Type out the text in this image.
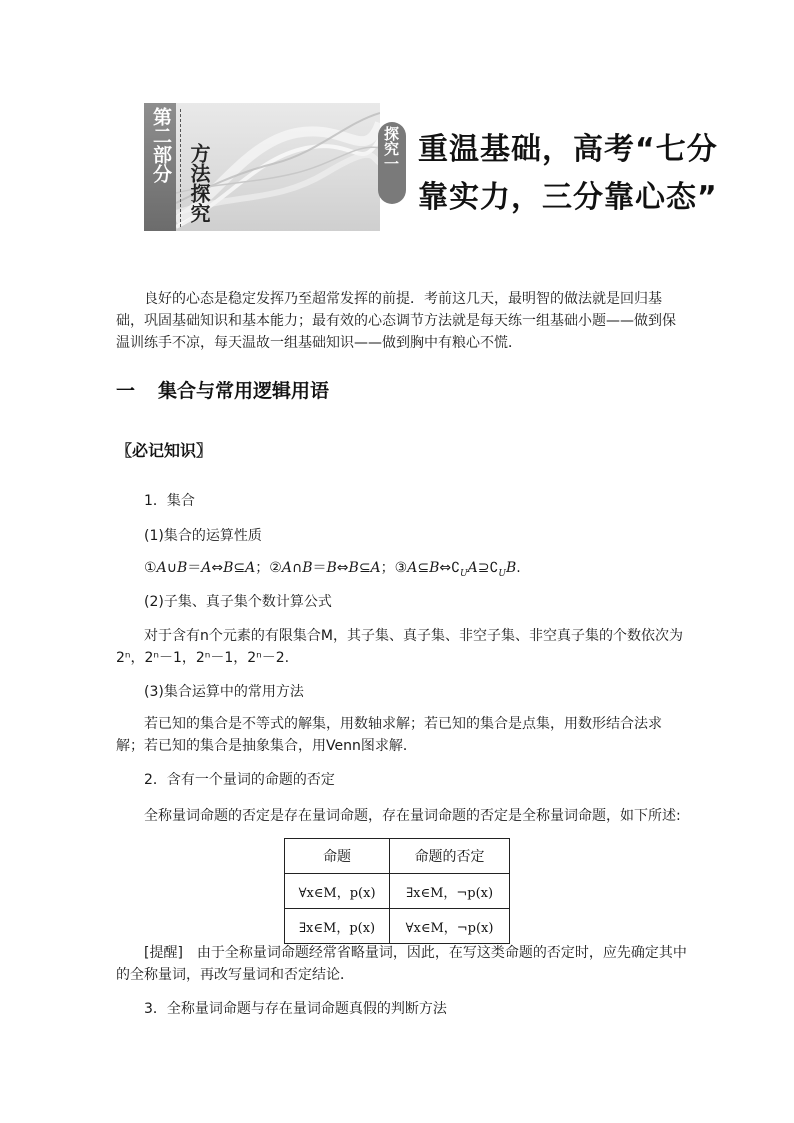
第二部分 方法探究	探究一 重温基础，高考“七分
靠实力，三分靠心态”
良好的心态是稳定发挥乃至超常发挥的前提．考前这几天，最明智的做法就是回归基础，巩固基础知识和基本能力；最有效的心态调节方法就是每天练一组基础小题——做到保温训练手不凉，每天温故一组基础知识——做到胸中有粮心不慌．
一 集合与常用逻辑用语
〖必记知识〗
1．集合
(1)集合的运算性质
①A∪B＝A⇔B⊆A；②A∩B＝B⇔B⊆A；$③A⊆B\Leftrightarrow∁_UA⊇∁_UB$.
(2)子集、真子集个数计算公式
对于含有n个元素的有限集合M，其子集、真子集、非空子集、非空真子集的个数依次为2ⁿ，2ⁿ－1，2ⁿ－1，2ⁿ－2.
(3)集合运算中的常用方法
若已知的集合是不等式的解集，用数轴求解；若已知的集合是点集，用数形结合法求解；若已知的集合是抽象集合，用Venn图求解．
2．含有一个量词的命题的否定
全称量词命题的否定是存在量词命题，存在量词命题的否定是全称量词命题，如下所述:
命题	命题的否定
∀x∈M，p(x)	∃x∈M，¬p(x)
∃x∈M，p(x)	∀x∈M，¬p(x)
[提醒]　由于全称量词命题经常省略量词，因此，在写这类命题的否定时，应先确定其中的全称量词，再改写量词和否定结论．
3．全称量词命题与存在量词命题真假的判断方法
